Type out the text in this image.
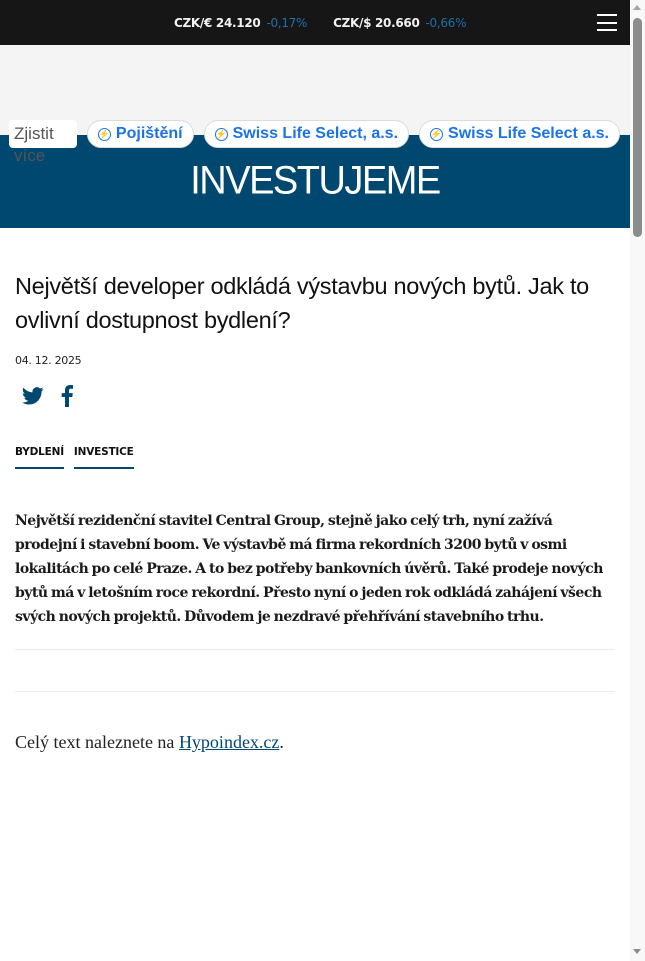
CZK/€ 24.120 -0,17% CZK/$ 20.660 -0,66%
Zjistit více
⚡ Pojištění	⚡ Swiss Life Select, a.s.	⚡ Swiss Life Select a.s.
INVESTUJEME
Největší developer odkládá výstavbu nových bytů. Jak to ovlivní dostupnost bydlení?
04. 12. 2025
BYDLENÍ INVESTICE

Největší rezidenční stavitel Central Group, stejně jako celý trh, nyní zažívá prodejní i stavební boom. Ve výstavbě má firma rekordních 3200 bytů v osmi lokalitách po celé Praze. A to bez potřeby bankovních úvěrů. Také prodeje nových bytů má v letošním roce rekordní. Přesto nyní o jeden rok odkládá zahájení všech svých nových projektů. Důvodem je nezdravé přehřívání stavebního trhu.

Celý text naleznete na Hypoindex.cz.
